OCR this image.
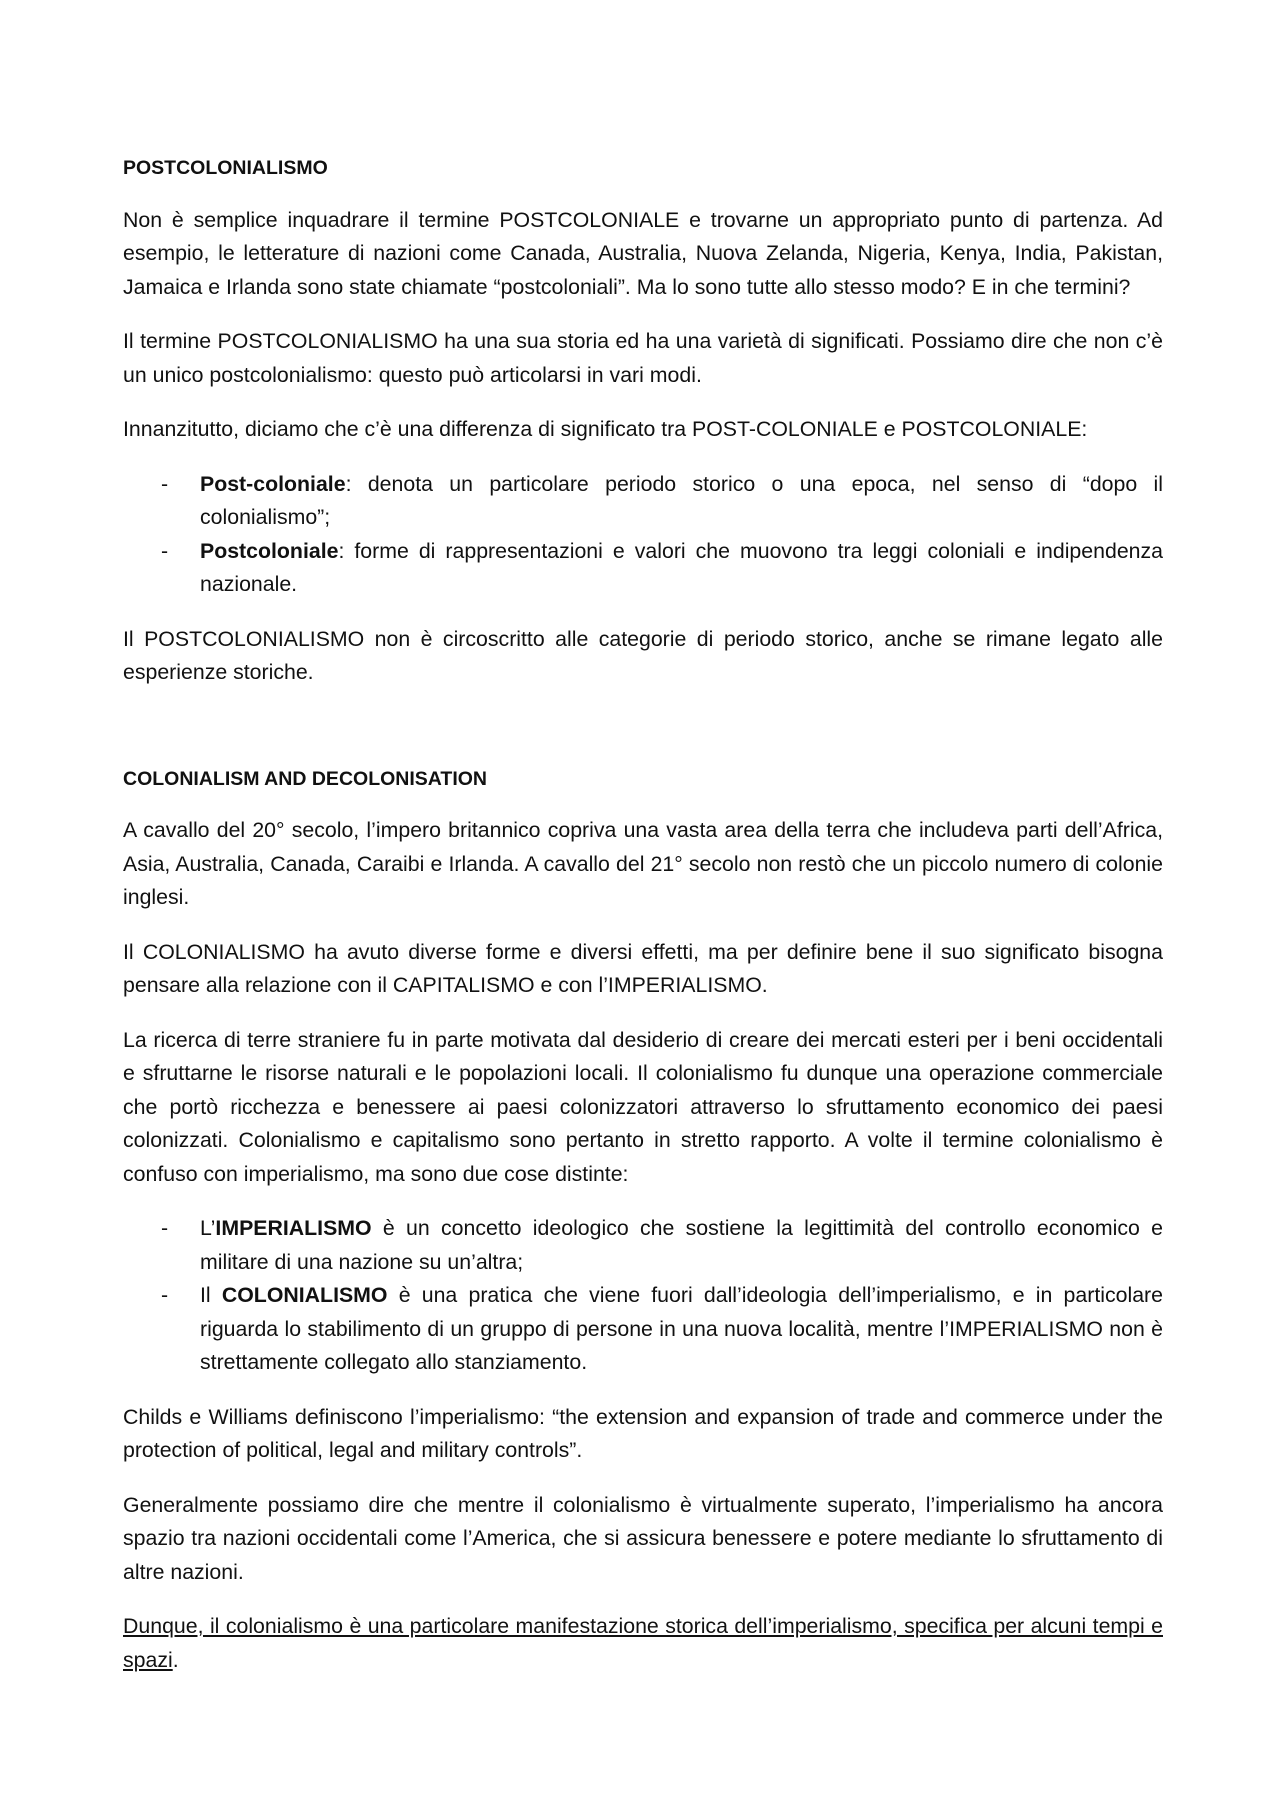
POSTCOLONIALISMO

Non è semplice inquadrare il termine POSTCOLONIALE e trovarne un appropriato punto di partenza. Ad esempio, le letterature di nazioni come Canada, Australia, Nuova Zelanda, Nigeria, Kenya, India, Pakistan, Jamaica e Irlanda sono state chiamate “postcoloniali”. Ma lo sono tutte allo stesso modo? E in che termini?

Il termine POSTCOLONIALISMO ha una sua storia ed ha una varietà di significati. Possiamo dire che non c’è un unico postcolonialismo: questo può articolarsi in vari modi.

Innanzitutto, diciamo che c’è una differenza di significato tra POST-COLONIALE e POSTCOLONIALE:

- Post-coloniale: denota un particolare periodo storico o una epoca, nel senso di “dopo il colonialismo”;
- Postcoloniale: forme di rappresentazioni e valori che muovono tra leggi coloniali e indipendenza nazionale.

Il POSTCOLONIALISMO non è circoscritto alle categorie di periodo storico, anche se rimane legato alle esperienze storiche.

COLONIALISM AND DECOLONISATION

A cavallo del 20° secolo, l’impero britannico copriva una vasta area della terra che includeva parti dell’Africa, Asia, Australia, Canada, Caraibi e Irlanda. A cavallo del 21° secolo non restò che un piccolo numero di colonie inglesi.

Il COLONIALISMO ha avuto diverse forme e diversi effetti, ma per definire bene il suo significato bisogna pensare alla relazione con il CAPITALISMO e con l’IMPERIALISMO.

La ricerca di terre straniere fu in parte motivata dal desiderio di creare dei mercati esteri per i beni occidentali e sfruttarne le risorse naturali e le popolazioni locali. Il colonialismo fu dunque una operazione commerciale che portò ricchezza e benessere ai paesi colonizzatori attraverso lo sfruttamento economico dei paesi colonizzati. Colonialismo e capitalismo sono pertanto in stretto rapporto. A volte il termine colonialismo è confuso con imperialismo, ma sono due cose distinte:

- L’IMPERIALISMO è un concetto ideologico che sostiene la legittimità del controllo economico e militare di una nazione su un’altra;
- Il COLONIALISMO è una pratica che viene fuori dall’ideologia dell’imperialismo, e in particolare riguarda lo stabilimento di un gruppo di persone in una nuova località, mentre l’IMPERIALISMO non è strettamente collegato allo stanziamento.

Childs e Williams definiscono l’imperialismo: “the extension and expansion of trade and commerce under the protection of political, legal and military controls”.

Generalmente possiamo dire che mentre il colonialismo è virtualmente superato, l’imperialismo ha ancora spazio tra nazioni occidentali come l’America, che si assicura benessere e potere mediante lo sfruttamento di altre nazioni.

Dunque, il colonialismo è una particolare manifestazione storica dell’imperialismo, specifica per alcuni tempi e spazi.
